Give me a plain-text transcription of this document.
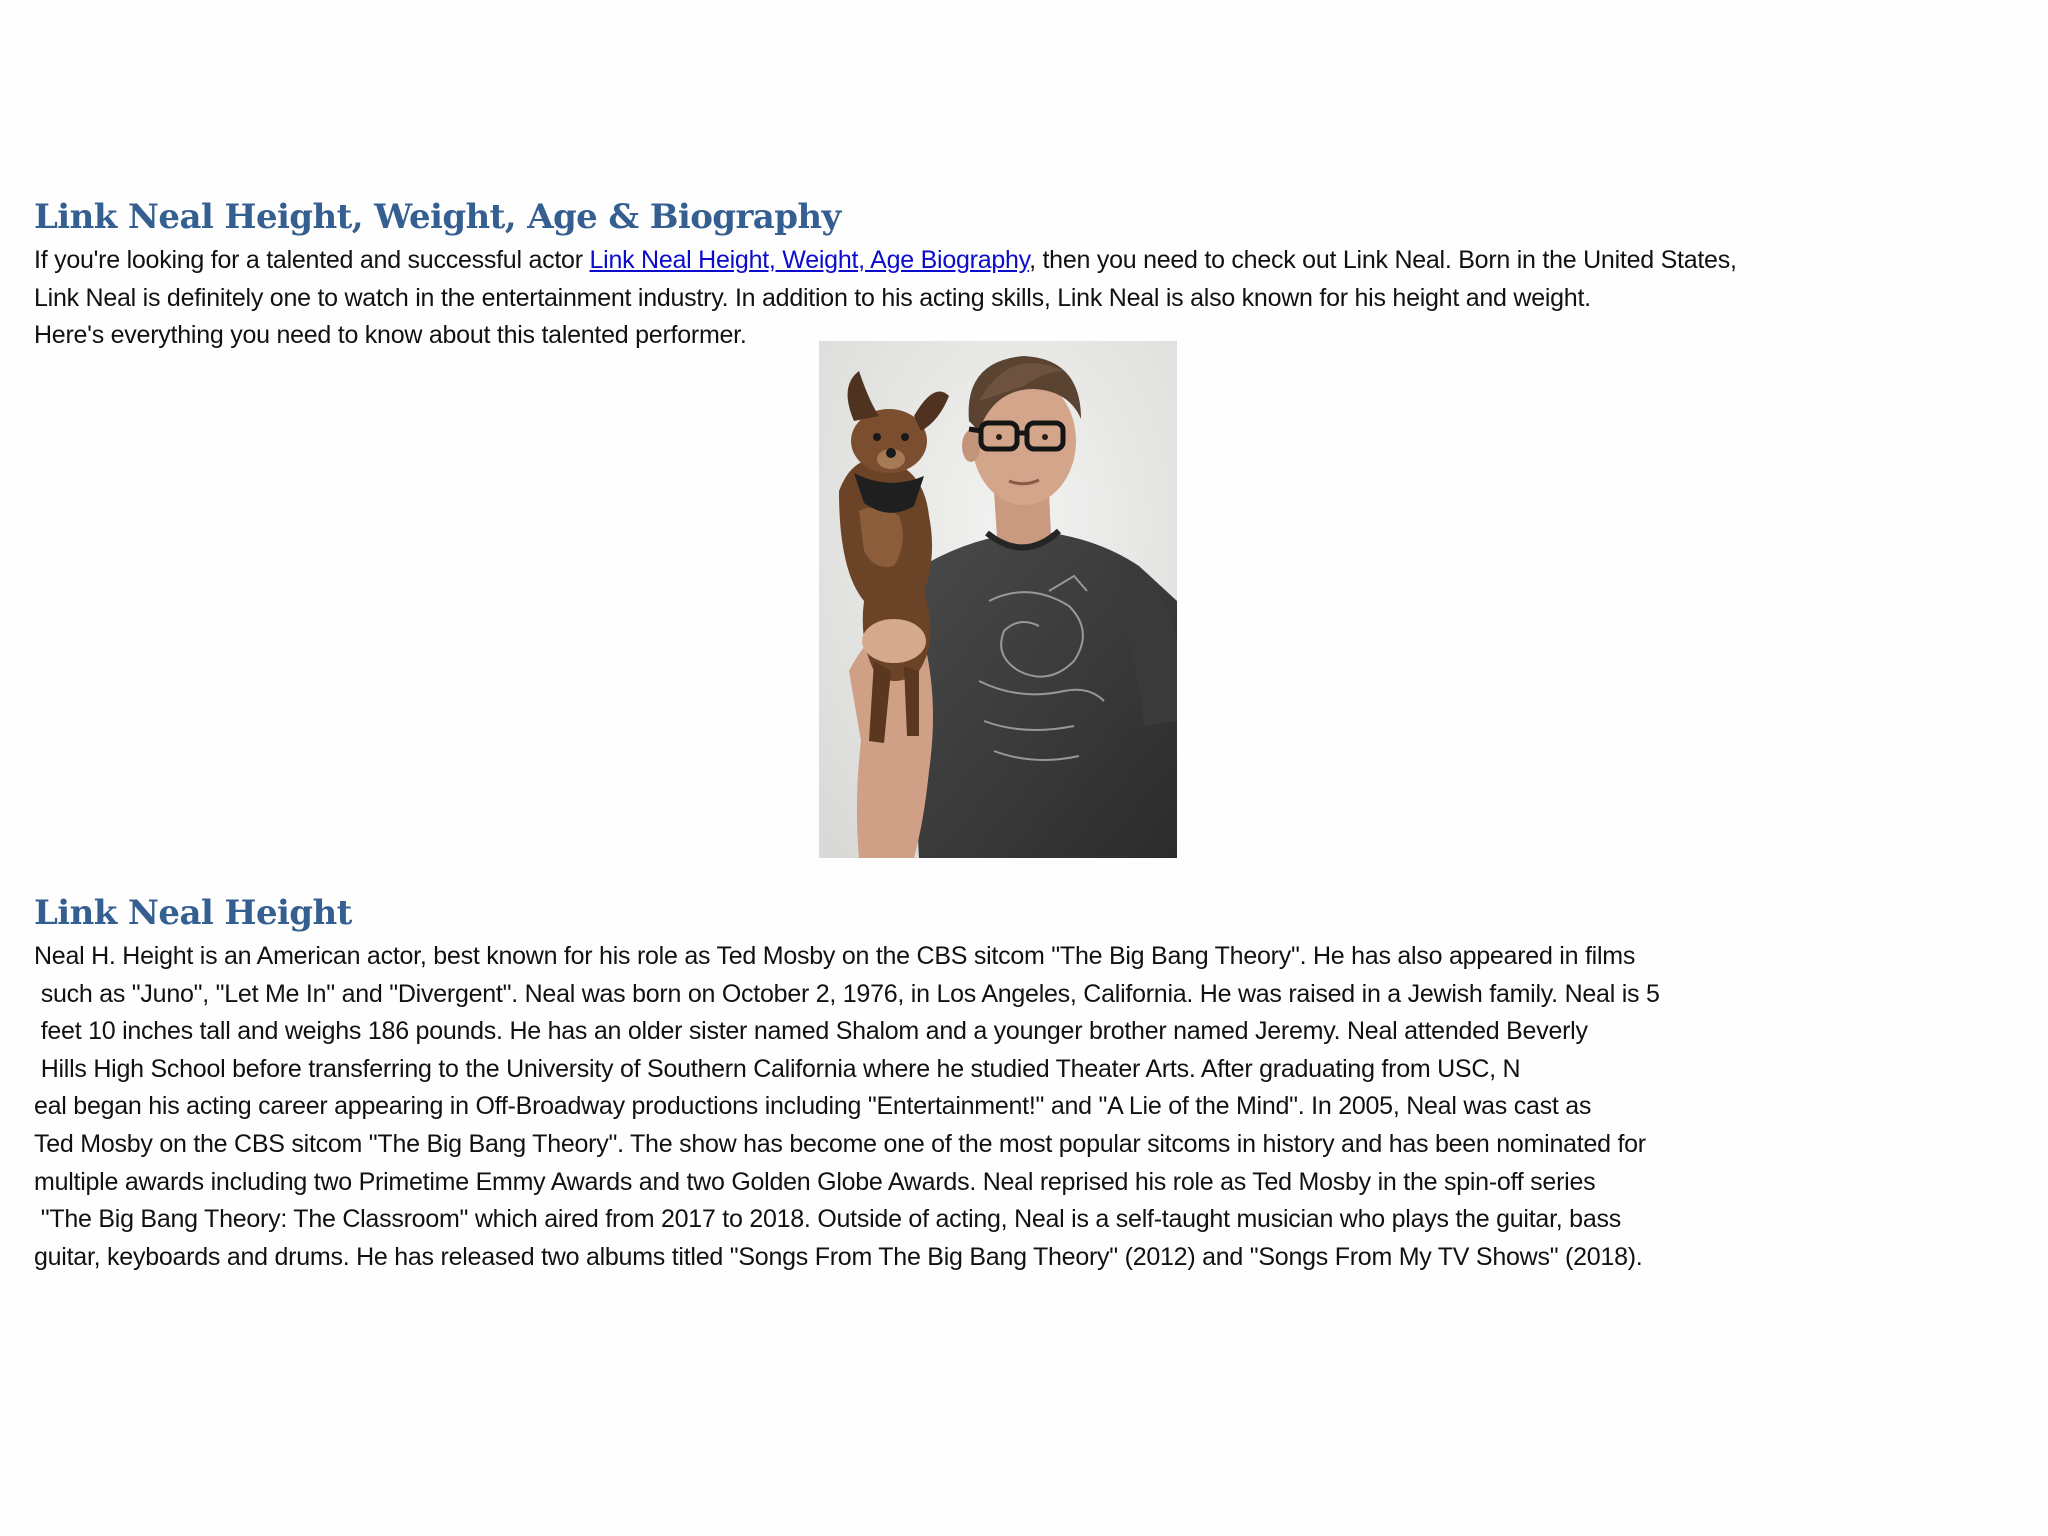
Link Neal Height, Weight, Age & Biography
If you're looking for a talented and successful actor Link Neal Height, Weight, Age Biography, then you need to check out Link Neal. Born in the United States,
Link Neal is definitely one to watch in the entertainment industry. In addition to his acting skills, Link Neal is also known for his height and weight.
Here's everything you need to know about this talented performer.
Link Neal Height
Neal H. Height is an American actor, best known for his role as Ted Mosby on the CBS sitcom "The Big Bang Theory". He has also appeared in films
such as "Juno", "Let Me In" and "Divergent". Neal was born on October 2, 1976, in Los Angeles, California. He was raised in a Jewish family. Neal is 5
feet 10 inches tall and weighs 186 pounds. He has an older sister named Shalom and a younger brother named Jeremy. Neal attended Beverly
Hills High School before transferring to the University of Southern California where he studied Theater Arts. After graduating from USC, N
eal began his acting career appearing in Off-Broadway productions including "Entertainment!" and "A Lie of the Mind". In 2005, Neal was cast as
Ted Mosby on the CBS sitcom "The Big Bang Theory". The show has become one of the most popular sitcoms in history and has been nominated for
multiple awards including two Primetime Emmy Awards and two Golden Globe Awards. Neal reprised his role as Ted Mosby in the spin-off series
"The Big Bang Theory: The Classroom" which aired from 2017 to 2018. Outside of acting, Neal is a self-taught musician who plays the guitar, bass
guitar, keyboards and drums. He has released two albums titled "Songs From The Big Bang Theory" (2012) and "Songs From My TV Shows" (2018).
